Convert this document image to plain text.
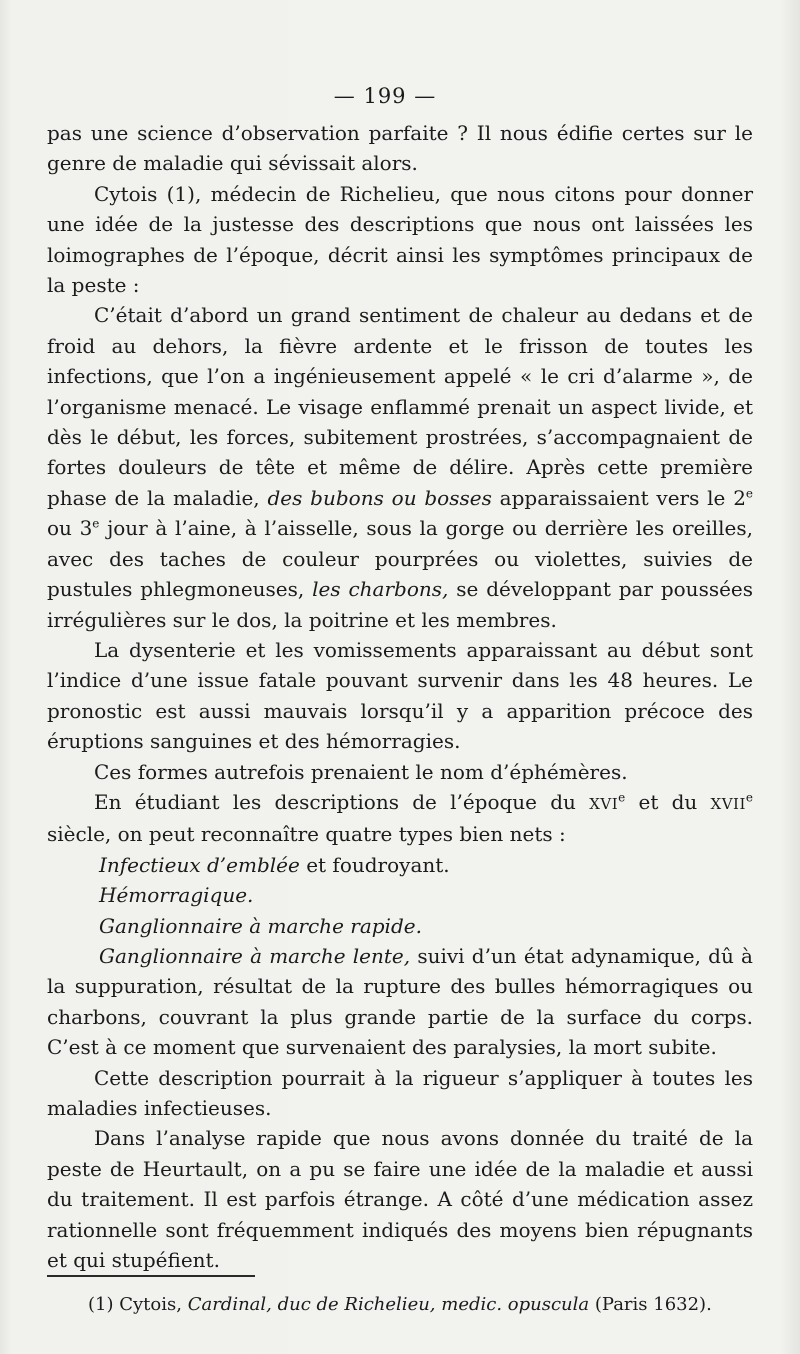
— 199 —

pas une science d’observation parfaite ? Il nous édifie certes sur le genre de maladie qui sévissait alors.

Cytois (1), médecin de Richelieu, que nous citons pour donner une idée de la justesse des descriptions que nous ont laissées les loimographes de l’époque, décrit ainsi les symptômes principaux de la peste :

C’était d’abord un grand sentiment de chaleur au dedans et de froid au dehors, la fièvre ardente et le frisson de toutes les infections, que l’on a ingénieusement appelé « le cri d’alarme », de l’organisme menacé. Le visage enflammé prenait un aspect livide, et dès le début, les forces, subitement prostrées, s’accompagnaient de fortes douleurs de tête et même de délire. Après cette première phase de la maladie, des bubons ou bosses apparaissaient vers le 2e ou 3e jour à l’aine, à l’aisselle, sous la gorge ou derrière les oreilles, avec des taches de couleur pourprées ou violettes, suivies de pustules phlegmoneuses, les charbons, se développant par poussées irrégulières sur le dos, la poitrine et les membres.

La dysenterie et les vomissements apparaissant au début sont l’indice d’une issue fatale pouvant survenir dans les 48 heures. Le pronostic est aussi mauvais lorsqu’il y a apparition précoce des éruptions sanguines et des hémorragies.

Ces formes autrefois prenaient le nom d’éphémères.

En étudiant les descriptions de l’époque du XVIe et du XVIIe siècle, on peut reconnaître quatre types bien nets :

Infectieux d’emblée et foudroyant.

Hémorragique.

Ganglionnaire à marche rapide.

Ganglionnaire à marche lente, suivi d’un état adynamique, dû à la suppuration, résultat de la rupture des bulles hémorragiques ou charbons, couvrant la plus grande partie de la surface du corps. C’est à ce moment que survenaient des paralysies, la mort subite.

Cette description pourrait à la rigueur s’appliquer à toutes les maladies infectieuses.

Dans l’analyse rapide que nous avons donnée du traité de la peste de Heurtault, on a pu se faire une idée de la maladie et aussi du traitement. Il est parfois étrange. A côté d’une médication assez rationnelle sont fréquemment indiqués des moyens bien répugnants et qui stupéfient.

(1) Cytois, Cardinal, duc de Richelieu, medic. opuscula (Paris 1632).
